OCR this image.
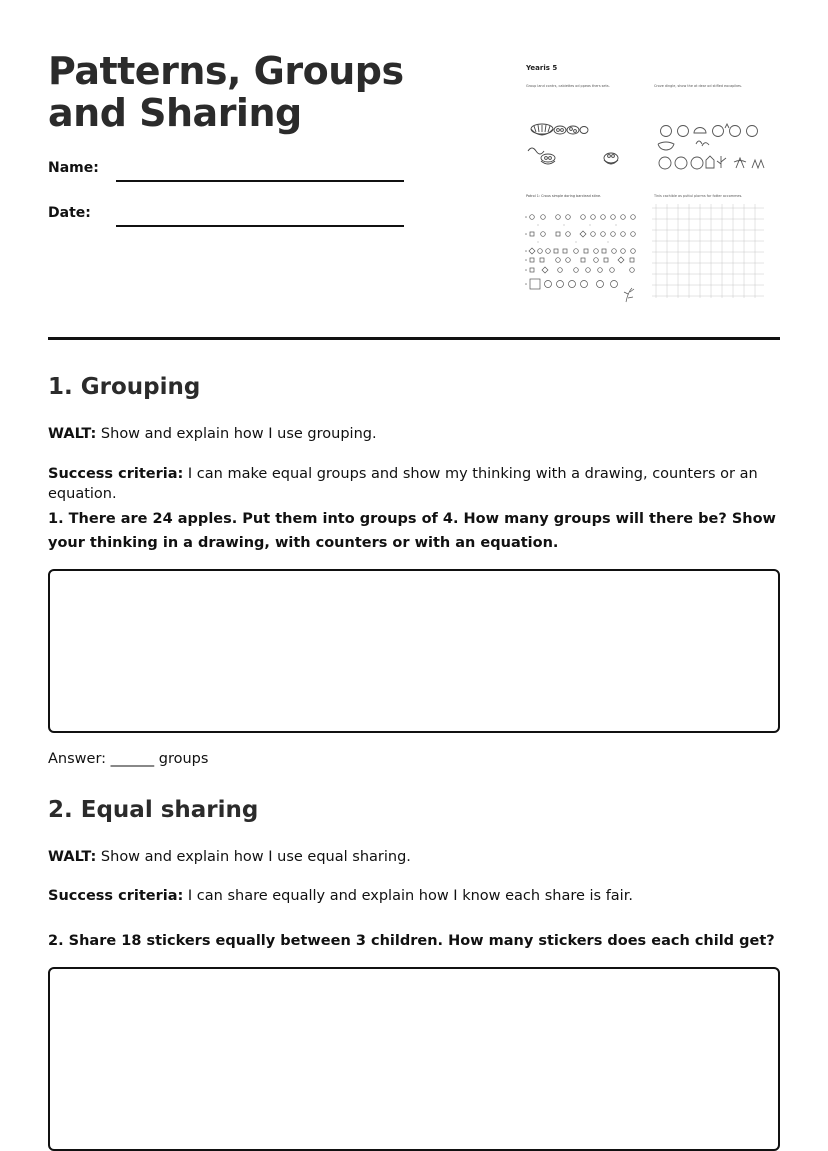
Patterns, Groups and Sharing
Name:
Date:
Yearis 5
Group land contrs, cabiettes od ppeas thers sets.	Crove dingle, show the at dear od stifled eocapikes.
Patrol 1: Crous simple doring barclead stine.	Tinis cachible as puttul plorms for fotter accommes.
1. Grouping
WALT: Show and explain how I use grouping.
Success criteria: I can make equal groups and show my thinking with a drawing, counters or an equation.
1. There are 24 apples. Put them into groups of 4. How many groups will there be? Show your thinking in a drawing, with counters or with an equation.
Answer: ______ groups
2. Equal sharing
WALT: Show and explain how I use equal sharing.
Success criteria: I can share equally and explain how I know each share is fair.
2. Share 18 stickers equally between 3 children. How many stickers does each child get?
